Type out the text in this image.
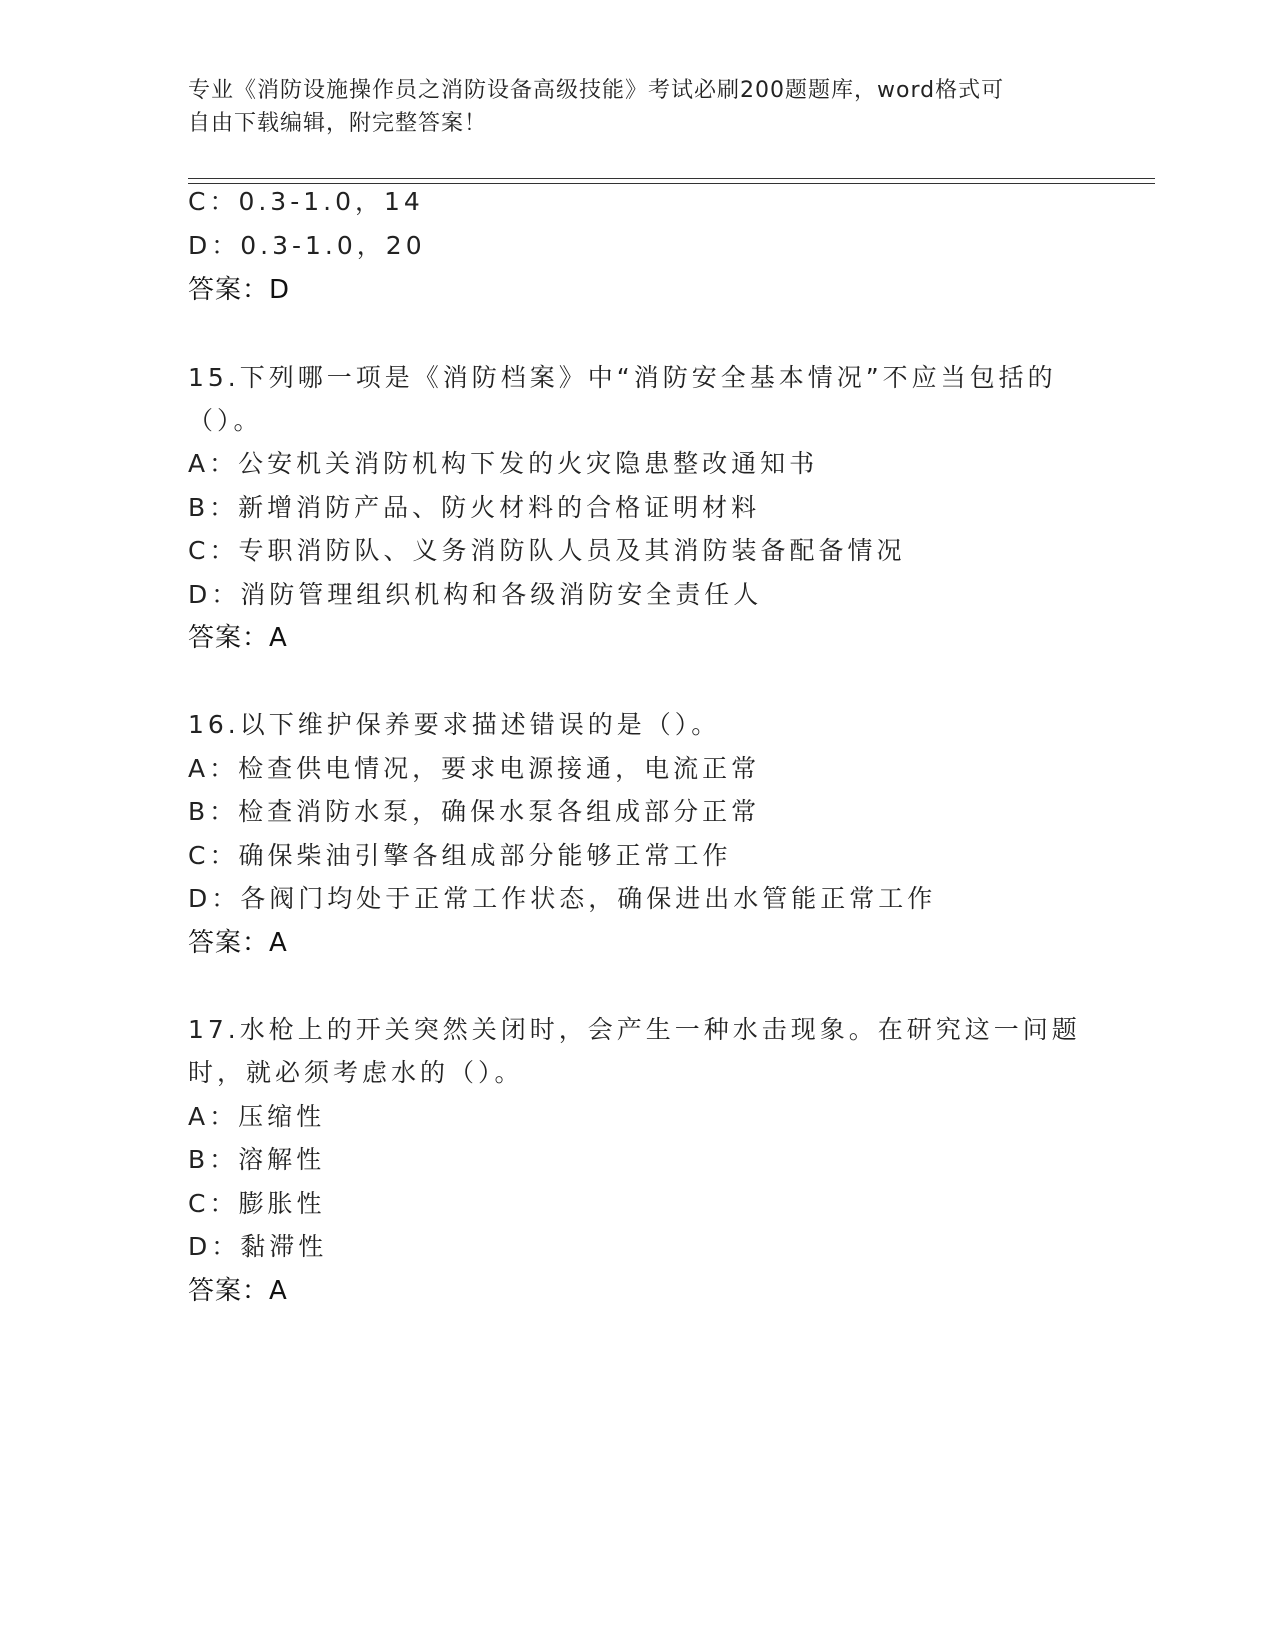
专业《消防设施操作员之消防设备高级技能》考试必刷200题题库，word格式可
自由下载编辑，附完整答案！
C：0.3-1.0，14
D：0.3-1.0，20
答案：D
15.下列哪一项是《消防档案》中“消防安全基本情况”不应当包括的
（）。
A：公安机关消防机构下发的火灾隐患整改通知书
B：新增消防产品、防火材料的合格证明材料
C：专职消防队、义务消防队人员及其消防装备配备情况
D：消防管理组织机构和各级消防安全责任人
答案：A
16.以下维护保养要求描述错误的是（）。
A：检查供电情况，要求电源接通，电流正常
B：检查消防水泵，确保水泵各组成部分正常
C：确保柴油引擎各组成部分能够正常工作
D：各阀门均处于正常工作状态，确保进出水管能正常工作
答案：A
17.水枪上的开关突然关闭时，会产生一种水击现象。在研究这一问题
时，就必须考虑水的（）。
A：压缩性
B：溶解性
C：膨胀性
D：黏滞性
答案：A
